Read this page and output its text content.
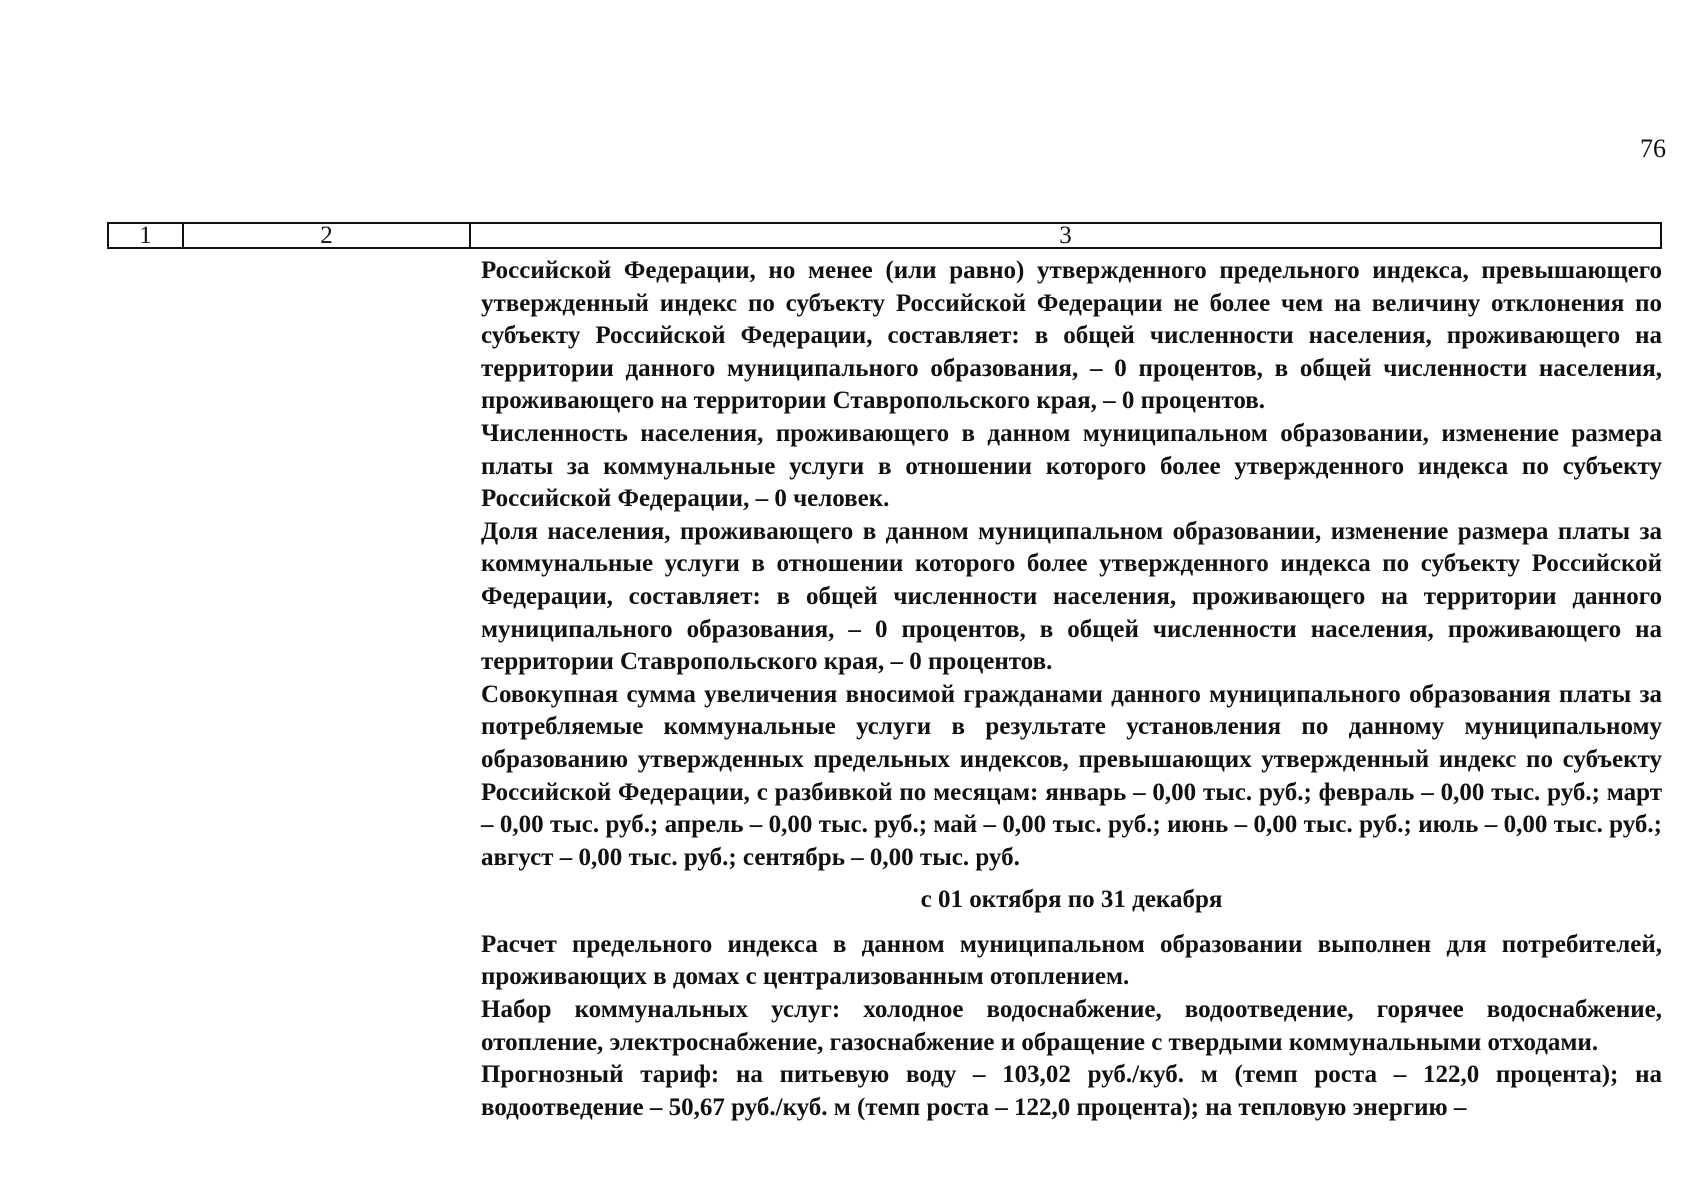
76
1	2	3

Российской Федерации, но менее (или равно) утвержденного предельного индекса, превышающего утвержденный индекс по субъекту Российской Федерации не более чем на величину отклонения по субъекту Российской Федерации, составляет: в общей численности населения, проживающего на территории данного муниципального образования, – 0 процентов, в общей численности населения, проживающего на территории Ставропольского края, – 0 процентов.

Численность населения, проживающего в данном муниципальном образовании, изменение размера платы за коммунальные услуги в отношении которого более утвержденного индекса по субъекту Российской Федерации, – 0 человек.

Доля населения, проживающего в данном муниципальном образовании, изменение размера платы за коммунальные услуги в отношении которого более утвержденного индекса по субъекту Российской Федерации, составляет: в общей численности населения, проживающего на территории данного муниципального образования, – 0 процентов, в общей численности населения, проживающего на территории Ставропольского края, – 0 процентов.

Совокупная сумма увеличения вносимой гражданами данного муниципального образования платы за потребляемые коммунальные услуги в результате установления по данному муниципальному образованию утвержденных предельных индексов, превышающих утвержденный индекс по субъекту Российской Федерации, с разбивкой по месяцам: январь – 0,00 тыс. руб.; февраль – 0,00 тыс. руб.; март – 0,00 тыс. руб.; апрель – 0,00 тыс. руб.; май – 0,00 тыс. руб.; июнь – 0,00 тыс. руб.; июль – 0,00 тыс. руб.; август – 0,00 тыс. руб.; сентябрь – 0,00 тыс. руб.

с 01 октября по 31 декабря

Расчет предельного индекса в данном муниципальном образовании выполнен для потребителей, проживающих в домах с централизованным отоплением.

Набор коммунальных услуг: холодное водоснабжение, водоотведение, горячее водоснабжение, отопление, электроснабжение, газоснабжение и обращение с твердыми коммунальными отходами.

Прогнозный тариф: на питьевую воду – 103,02 руб./куб. м (темп роста – 122,0 процента); на водоотведение – 50,67 руб./куб. м (темп роста – 122,0 процента); на тепловую энергию –
